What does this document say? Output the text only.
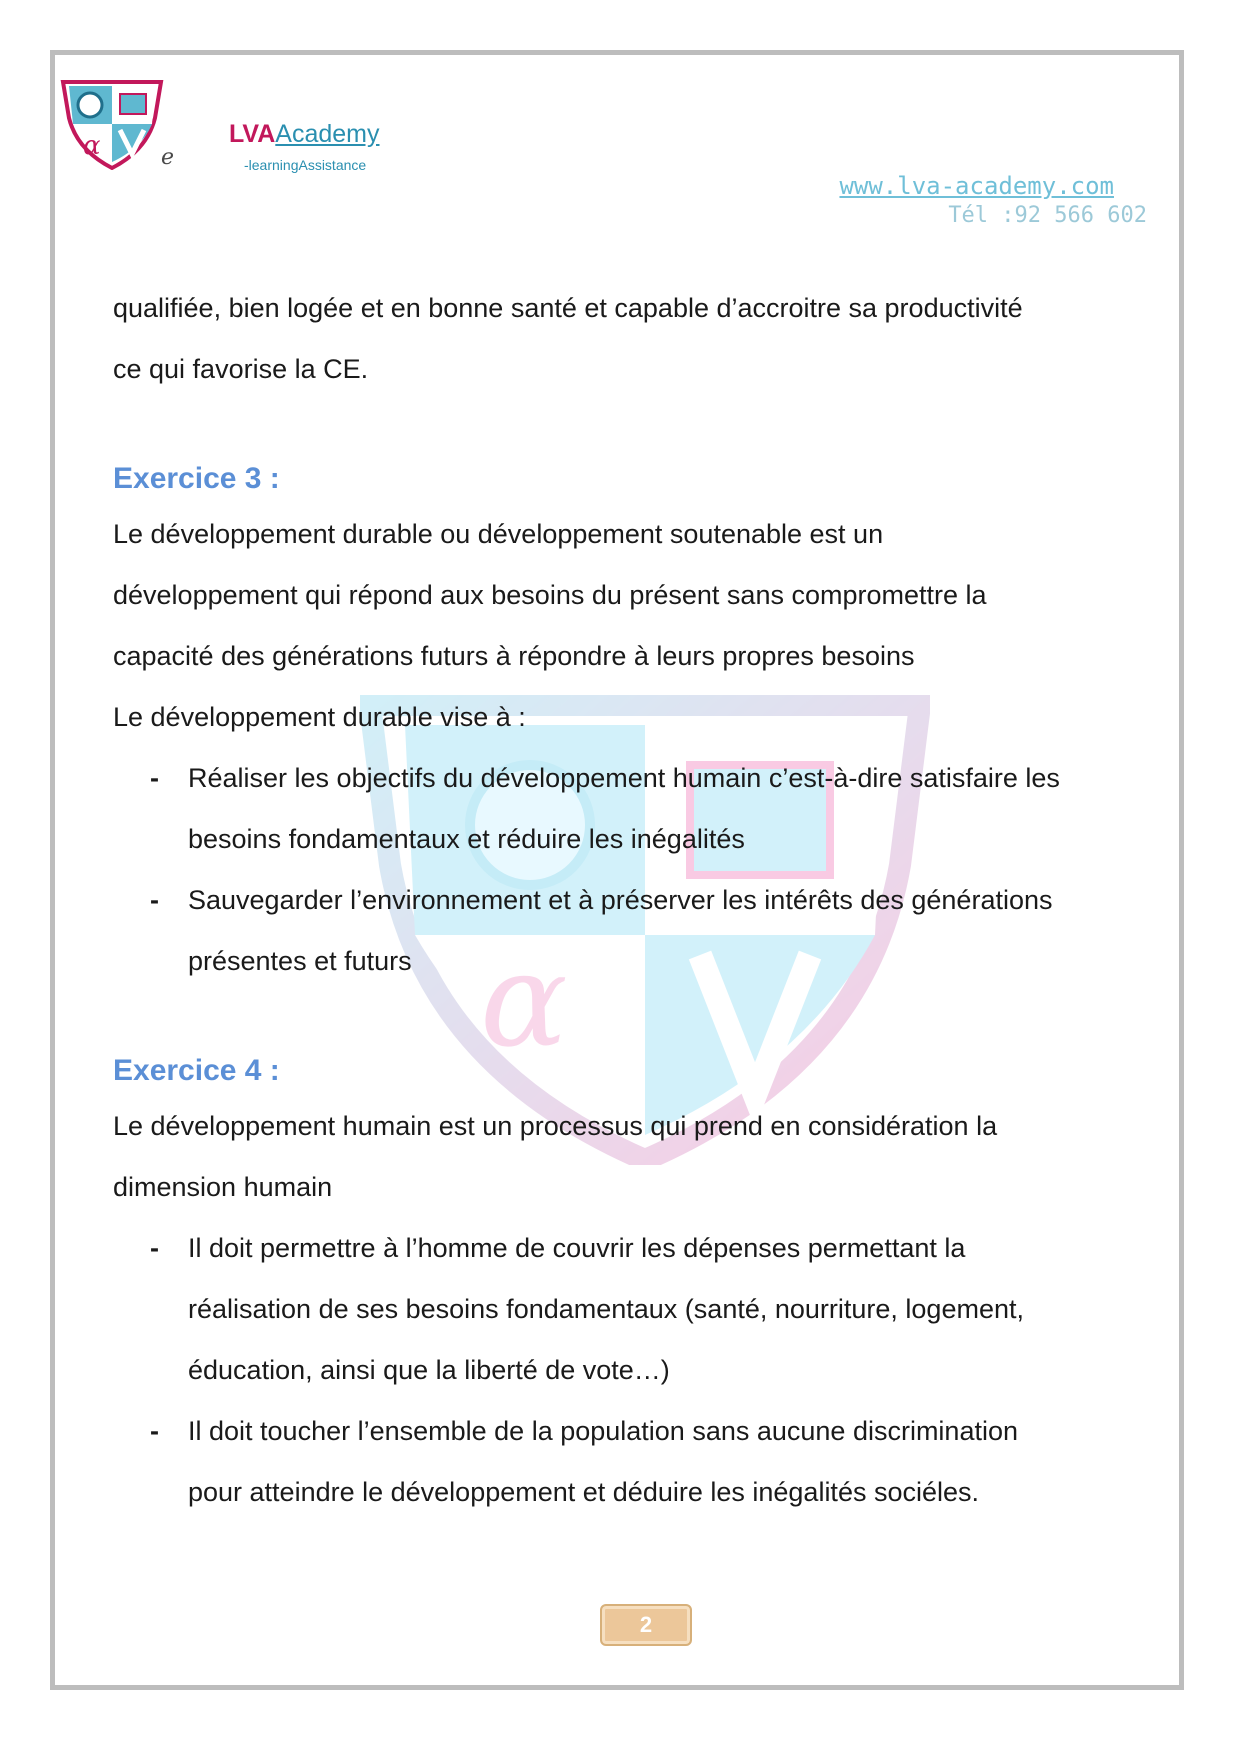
α	e
LVAAcademy
-learningAssistance
www.lva-academy.com
Tél :92 566 602
α

qualifiée, bien logée et en bonne santé et capable d’accroitre sa productivité

ce qui favorise la CE.

Exercice 3 :

Le développement durable ou développement soutenable est un

développement qui répond aux besoins du présent sans compromettre la

capacité des générations futurs à répondre à leurs propres besoins

Le développement durable vise à :

- Réaliser les objectifs du développement humain c’est-à-dire satisfaire les
besoins fondamentaux et réduire les inégalités
- Sauvegarder l’environnement et à préserver les intérêts des générations
présentes et futurs
Exercice 4 :

Le développement humain est un processus qui prend en considération la

dimension humain

- Il doit permettre à l’homme de couvrir les dépenses permettant la
réalisation de ses besoins fondamentaux (santé, nourriture, logement,
éducation, ainsi que la liberté de vote…)
- Il doit toucher l’ensemble de la population sans aucune discrimination
pour atteindre le développement et déduire les inégalités sociéles.
2
